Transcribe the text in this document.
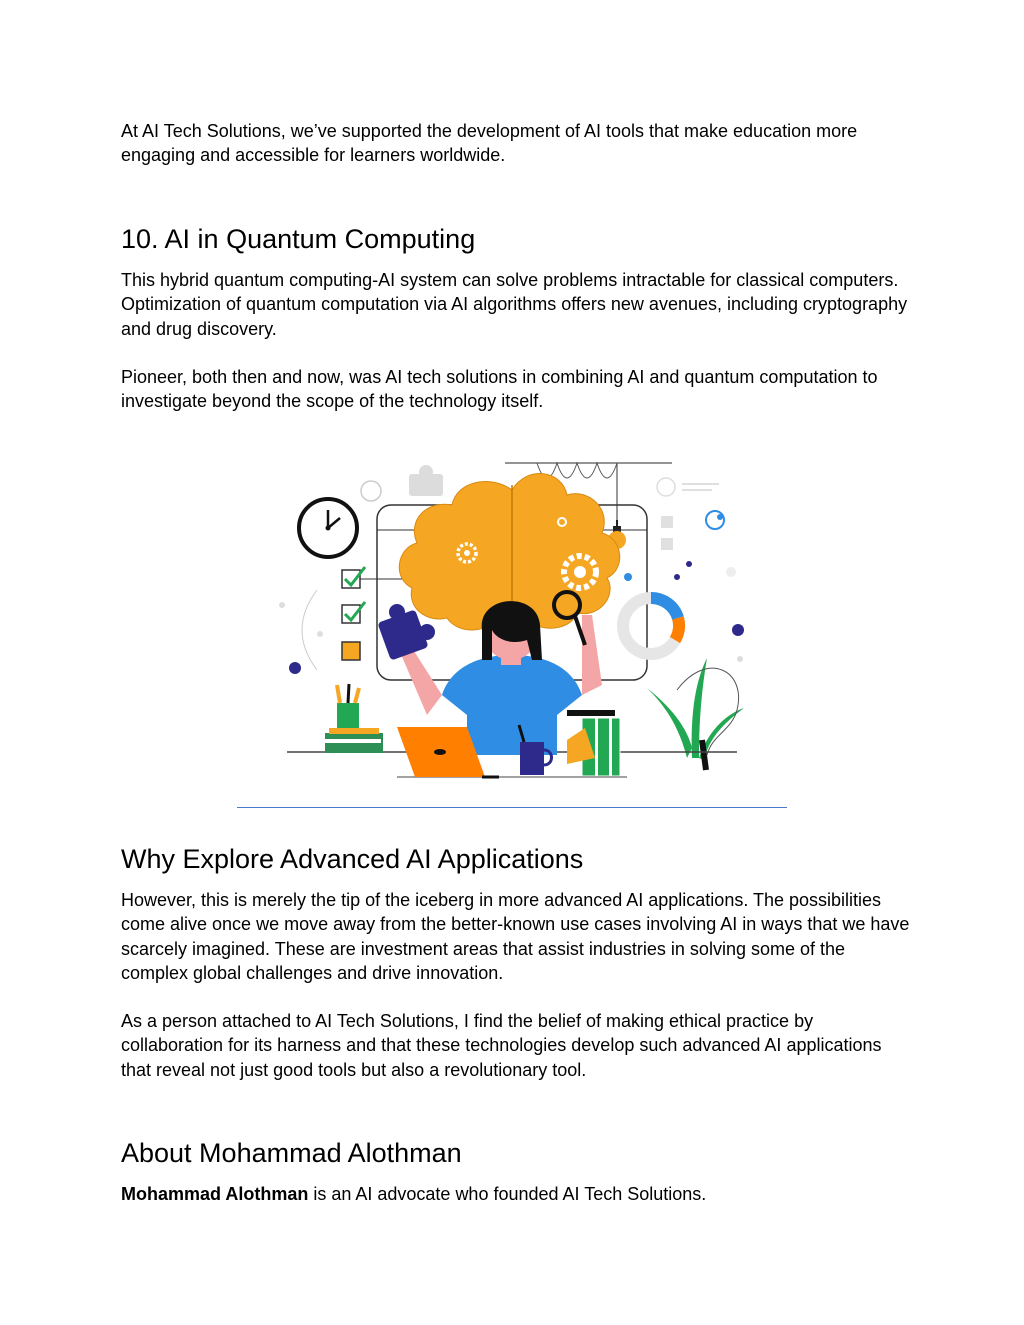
At AI Tech Solutions, we’ve supported the development of AI tools that make education more engaging and accessible for learners worldwide.

10. AI in Quantum Computing

This hybrid quantum computing-AI system can solve problems intractable for classical computers. Optimization of quantum computation via AI algorithms offers new avenues, including cryptography and drug discovery.

Pioneer, both then and now, was AI tech solutions in combining AI and quantum computation to investigate beyond the scope of the technology itself.

Why Explore Advanced AI Applications

However, this is merely the tip of the iceberg in more advanced AI applications. The possibilities come alive once we move away from the better-known use cases involving AI in ways that we have scarcely imagined. These are investment areas that assist industries in solving some of the complex global challenges and drive innovation.

As a person attached to AI Tech Solutions, I find the belief of making ethical practice by collaboration for its harness and that these technologies develop such advanced AI applications that reveal not just good tools but also a revolutionary tool.

About Mohammad Alothman

Mohammad Alothman is an AI advocate who founded AI Tech Solutions.
